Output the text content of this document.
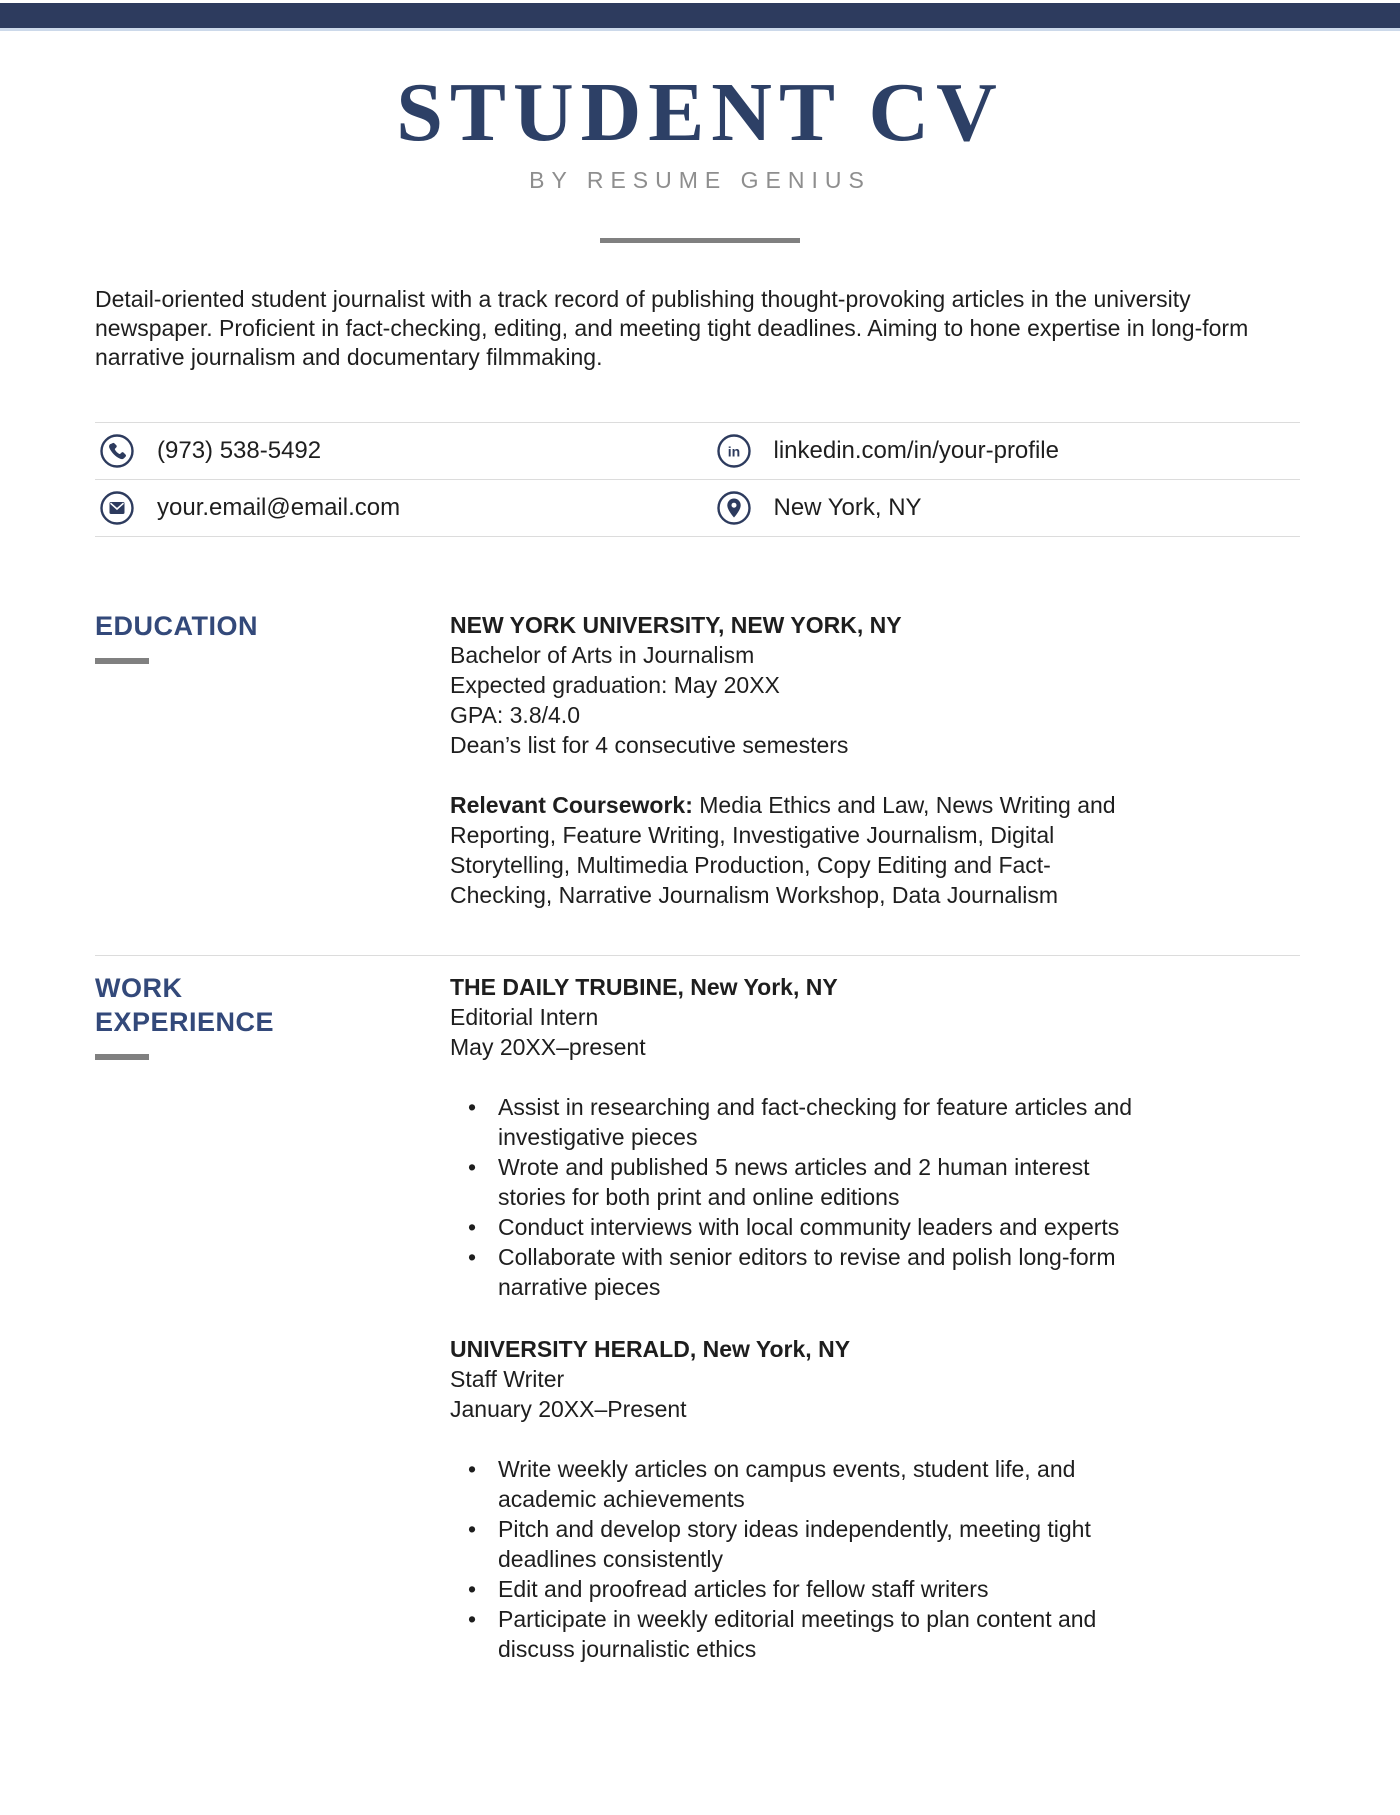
STUDENT CV
BY RESUME GENIUS

Detail-oriented student journalist with a track record of publishing thought-provoking articles in the university newspaper. Proficient in fact-checking, editing, and meeting tight deadlines. Aiming to hone expertise in long-form narrative journalism and documentary filmmaking.

(973) 538-5492	in linkedin.com/in/your-profile
your.email@email.com	New York, NY
EDUCATION	NEW YORK UNIVERSITY, NEW YORK, NY
Bachelor of Arts in Journalism
Expected graduation: May 20XX
GPA: 3.8/4.0
Dean’s list for 4 consecutive semesters

Relevant Coursework: Media Ethics and Law, News Writing and Reporting, Feature Writing, Investigative Journalism, Digital Storytelling, Multimedia Production, Copy Editing and Fact-Checking, Narrative Journalism Workshop, Data Journalism

WORK EXPERIENCE
THE DAILY TRUBINE, New York, NY
Editorial Intern
May 20XX–present
• Assist in researching and fact-checking for feature articles and investigative pieces
• Wrote and published 5 news articles and 2 human interest stories for both print and online editions
• Conduct interviews with local community leaders and experts
• Collaborate with senior editors to revise and polish long-form narrative pieces
UNIVERSITY HERALD, New York, NY
Staff Writer
January 20XX–Present
• Write weekly articles on campus events, student life, and academic achievements
• Pitch and develop story ideas independently, meeting tight deadlines consistently
• Edit and proofread articles for fellow staff writers
• Participate in weekly editorial meetings to plan content and discuss journalistic ethics
